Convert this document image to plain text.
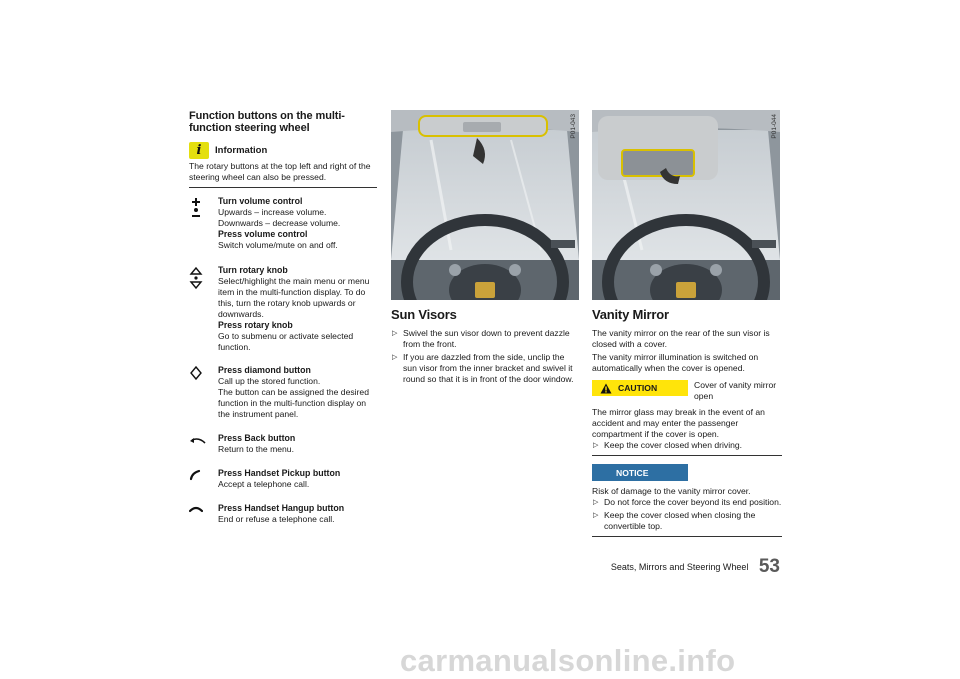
Function buttons on the multi-function steering wheel
i	Information
The rotary buttons at the top left and right of the steering wheel can also be pressed.
Turn volume control
Upwards – increase volume.
Downwards – decrease volume.
Press volume control
Switch volume/mute on and off.
Turn rotary knob
Select/highlight the main menu or menu item in the multi-function display. To do this, turn the rotary knob upwards or downwards.
Press rotary knob
Go to submenu or activate selected function.
Press diamond button
Call up the stored function.
The button can be assigned the desired function in the multi-function display on the instrument panel.
Press Back button
Return to the menu.
Press Handset Pickup button
Accept a telephone call.
Press Handset Hangup button
End or refuse a telephone call.
P01-043
Sun Visors
▷ Swivel the sun visor down to prevent dazzle from the front.
▷ If you are dazzled from the side, unclip the sun visor from the inner bracket and swivel it round so that it is in front of the door window.
P01-044
Vanity Mirror
The vanity mirror on the rear of the sun visor is closed with a cover.
The vanity mirror illumination is switched on automatically when the cover is opened.
CAUTION	Cover of vanity mirror open
The mirror glass may break in the event of an accident and may enter the passenger compartment if the cover is open.
▷ Keep the cover closed when driving.
NOTICE
Risk of damage to the vanity mirror cover.
▷ Do not force the cover beyond its end position.
▷ Keep the cover closed when closing the convertible top.
Seats, Mirrors and Steering Wheel 53
carmanualsonline.info
